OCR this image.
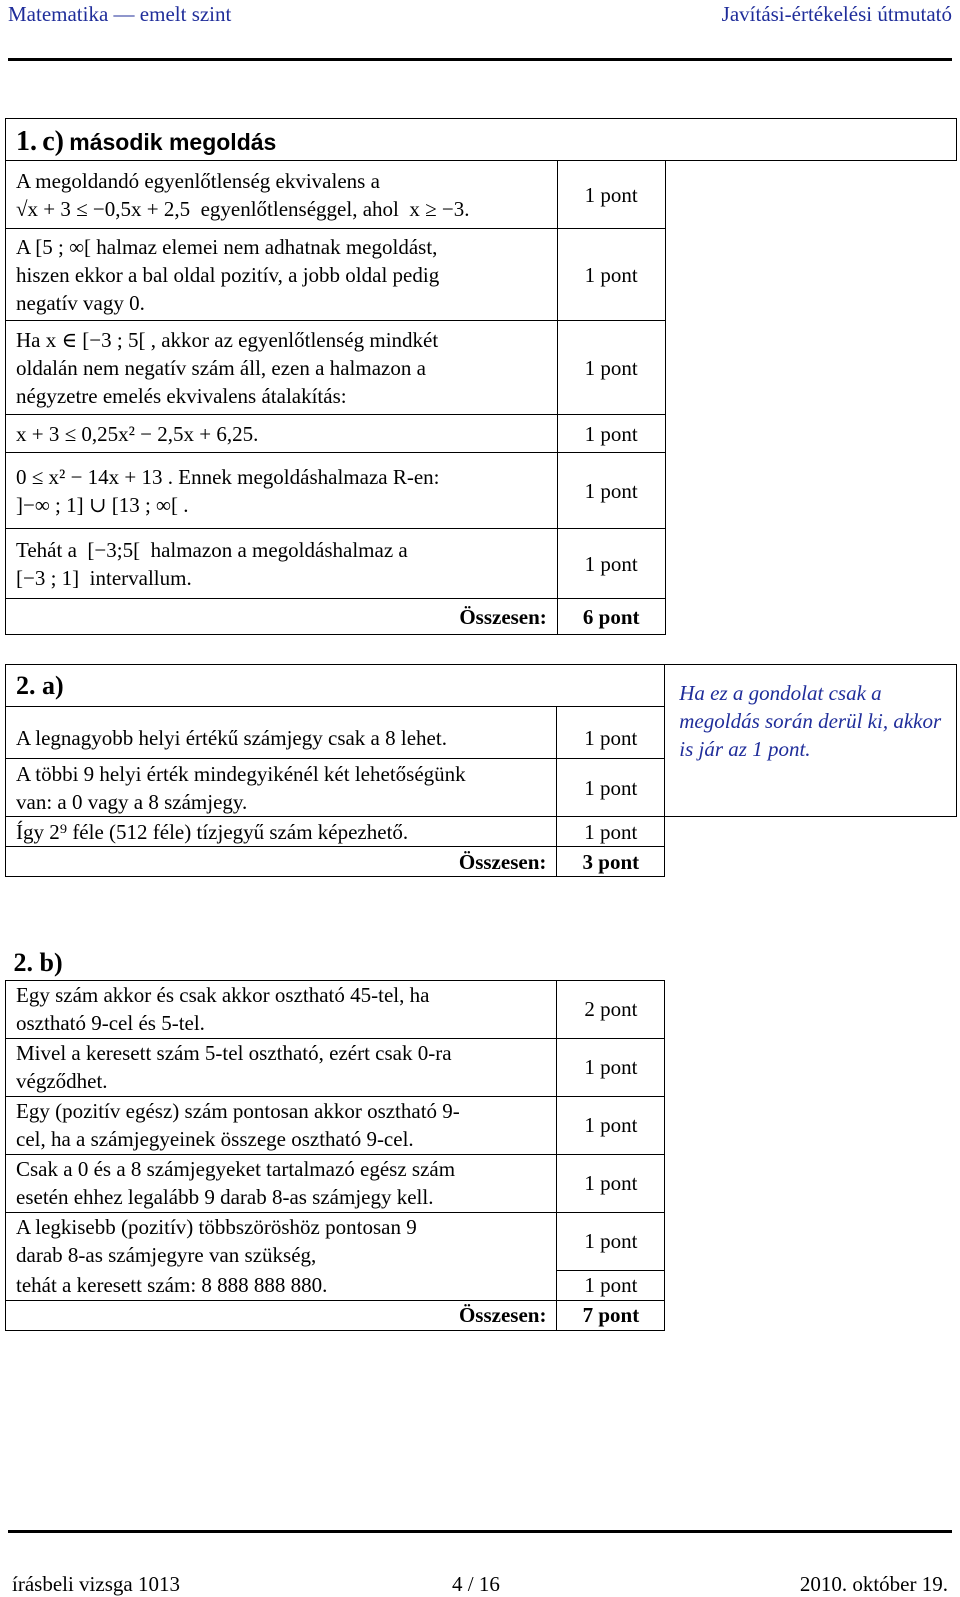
Matematika — emelt szint	Javítási-értékelési útmutató
1. c) második megoldás		

A megoldandó egyenlőtlenség ekvivalens a
√x + 3 ≤ −0,5x + 2,5  egyenlőtlenséggel, ahol  x ≥ −3.	1 pont	

A [5 ; ∞[ halmaz elemei nem adhatnak megoldást,
hiszen ekkor a bal oldal pozitív, a jobb oldal pedig
negatív vagy 0.	1 pont	

Ha x ∈ [−3 ; 5[ , akkor az egyenlőtlenség mindkét
oldalán nem negatív szám áll, ezen a halmazon a
négyzetre emelés ekvivalens átalakítás:	1 pont	
x + 3 ≤ 0,25x² − 2,5x + 6,25.	1 pont	

0 ≤ x² − 14x + 13 . Ennek megoldáshalmaza R-en:
]−∞ ; 1] ∪ [13 ; ∞[ .	1 pont	

Tehát a  [−3;5[  halmazon a megoldáshalmaz a
[−3 ; 1]  intervallum.	1 pont	
Összesen:	6 pont	
2. a)		Ha ez a gondolat csak a megoldás során derül ki, akkor is jár az 1 pont.
A legnagyobb helyi értékű számjegy csak a 8 lehet.	1 pont	

A többi 9 helyi érték mindegyikénél két lehetőségünk
van: a 0 vagy a 8 számjegy.	1 pont	
Így 2⁹ féle (512 féle) tízjegyű szám képezhető.	1 pont	
Összesen:	3 pont	
2. b)		

Egy szám akkor és csak akkor osztható 45-tel, ha
osztható 9-cel és 5-tel.	2 pont	

Mivel a keresett szám 5-tel osztható, ezért csak 0-ra
végződhet.	1 pont	

Egy (pozitív egész) szám pontosan akkor osztható 9-
cel, ha a számjegyeinek összege osztható 9-cel.	1 pont	

Csak a 0 és a 8 számjegyeket tartalmazó egész szám
esetén ehhez legalább 9 darab 8-as számjegy kell.	1 pont	

A legkisebb (pozitív) többszöröshöz pontosan 9
darab 8-as számjegyre van szükség,	1 pont	
tehát a keresett szám: 8 888 888 880.	1 pont	
Összesen:	7 pont	
írásbeli vizsga 1013	4 / 16	2010. október 19.
